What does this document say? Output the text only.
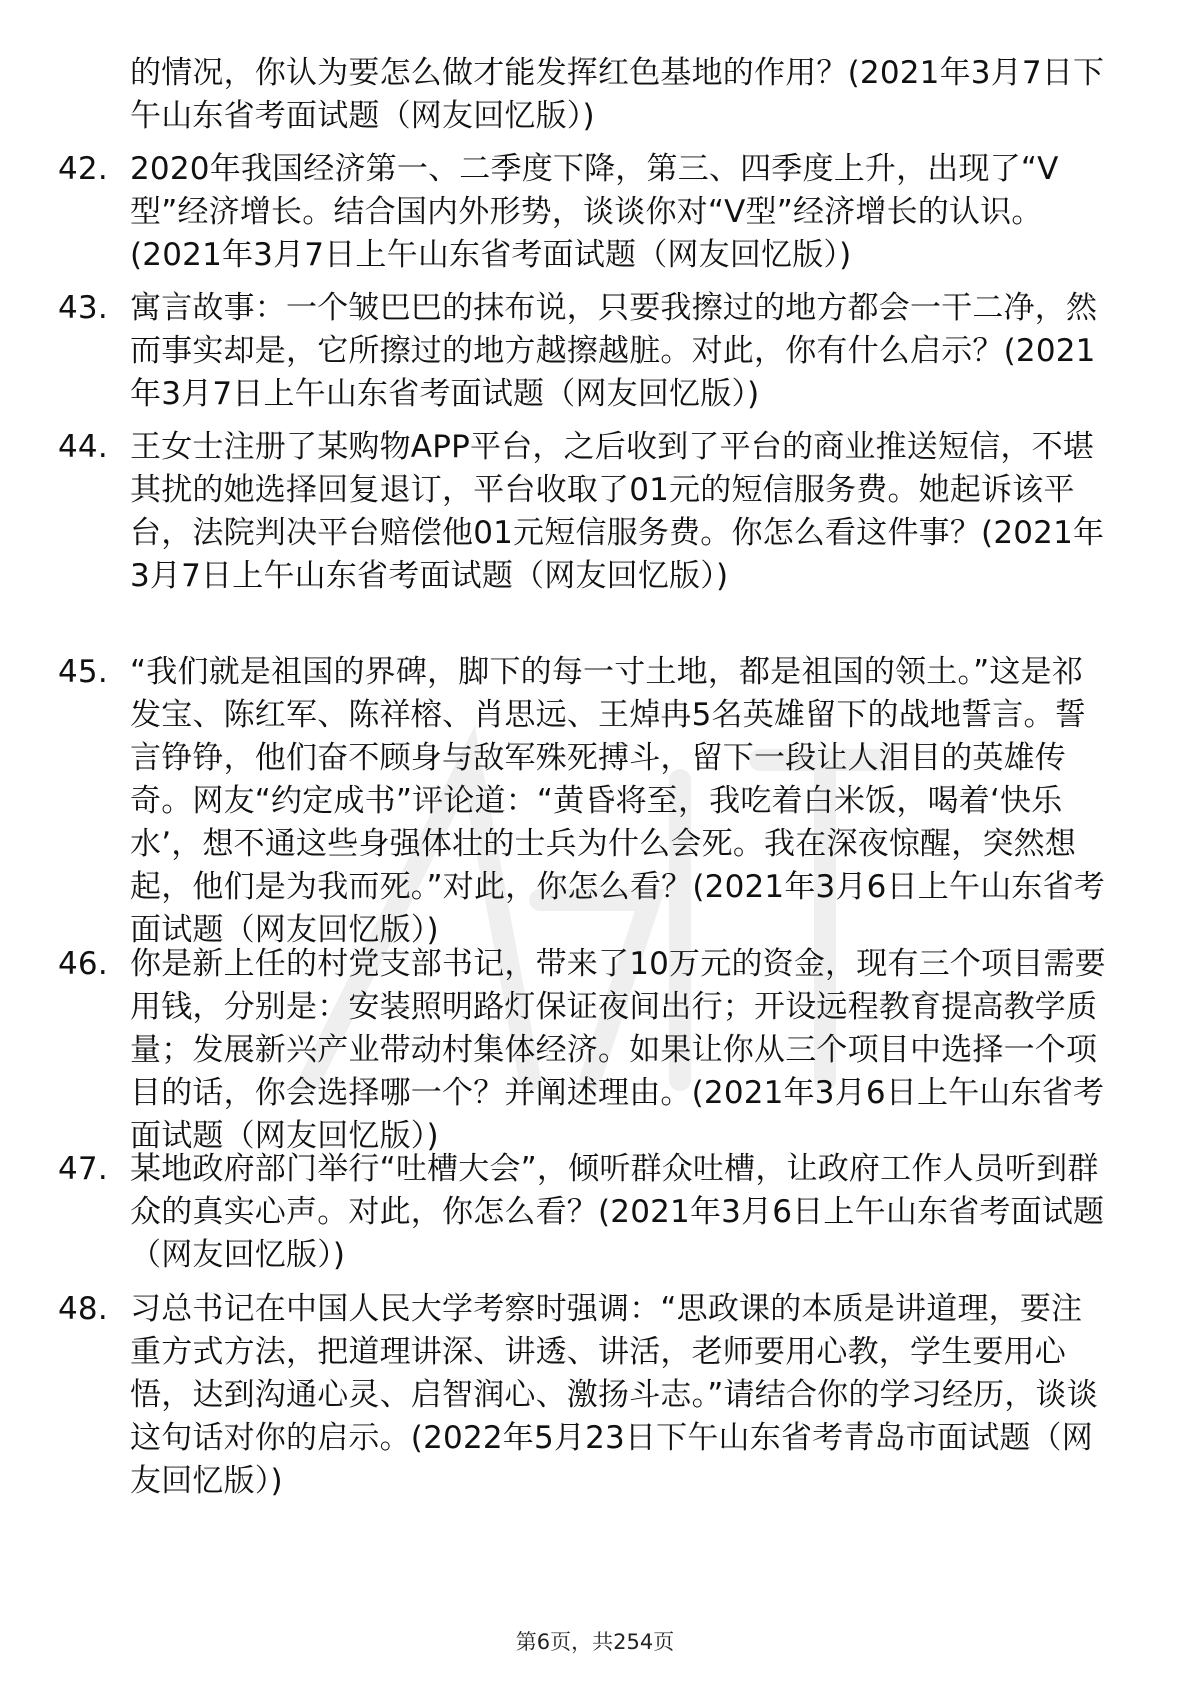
的情况，你认为要怎么做才能发挥红色基地的作用？(2021年3月7日下午山东省考面试题（网友回忆版）)
42. 2020年我国经济第一、二季度下降，第三、四季度上升，出现了“V型”经济增长。结合国内外形势，谈谈你对“V型”经济增长的认识。(2021年3月7日上午山东省考面试题（网友回忆版）)
43. 寓言故事：一个皱巴巴的抹布说，只要我擦过的地方都会一干二净，然而事实却是，它所擦过的地方越擦越脏。对此，你有什么启示？(2021年3月7日上午山东省考面试题（网友回忆版）)
44. 王女士注册了某购物APP平台，之后收到了平台的商业推送短信，不堪其扰的她选择回复退订，平台收取了01元的短信服务费。她起诉该平台，法院判决平台赔偿他01元短信服务费。你怎么看这件事？(2021年3月7日上午山东省考面试题（网友回忆版）)
45. “我们就是祖国的界碑，脚下的每一寸土地，都是祖国的领土。”这是祁发宝、陈红军、陈祥榕、肖思远、王焯冉5名英雄留下的战地誓言。誓言铮铮，他们奋不顾身与敌军殊死搏斗，留下一段让人泪目的英雄传奇。网友“约定成书”评论道：“黄昏将至，我吃着白米饭，喝着‘快乐水’，想不通这些身强体壮的士兵为什么会死。我在深夜惊醒，突然想起，他们是为我而死。”对此，你怎么看？(2021年3月6日上午山东省考面试题（网友回忆版）)
46. 你是新上任的村党支部书记，带来了10万元的资金，现有三个项目需要用钱，分别是：安装照明路灯保证夜间出行；开设远程教育提高教学质量；发展新兴产业带动村集体经济。如果让你从三个项目中选择一个项目的话，你会选择哪一个？并阐述理由。(2021年3月6日上午山东省考面试题（网友回忆版）)
47. 某地政府部门举行“吐槽大会”，倾听群众吐槽，让政府工作人员听到群众的真实心声。对此，你怎么看？(2021年3月6日上午山东省考面试题（网友回忆版）)
48. 习总书记在中国人民大学考察时强调：“思政课的本质是讲道理，要注重方式方法，把道理讲深、讲透、讲活，老师要用心教，学生要用心悟，达到沟通心灵、启智润心、激扬斗志。”请结合你的学习经历，谈谈这句话对你的启示。(2022年5月23日下午山东省考青岛市面试题（网友回忆版）)
第6页，共254页
